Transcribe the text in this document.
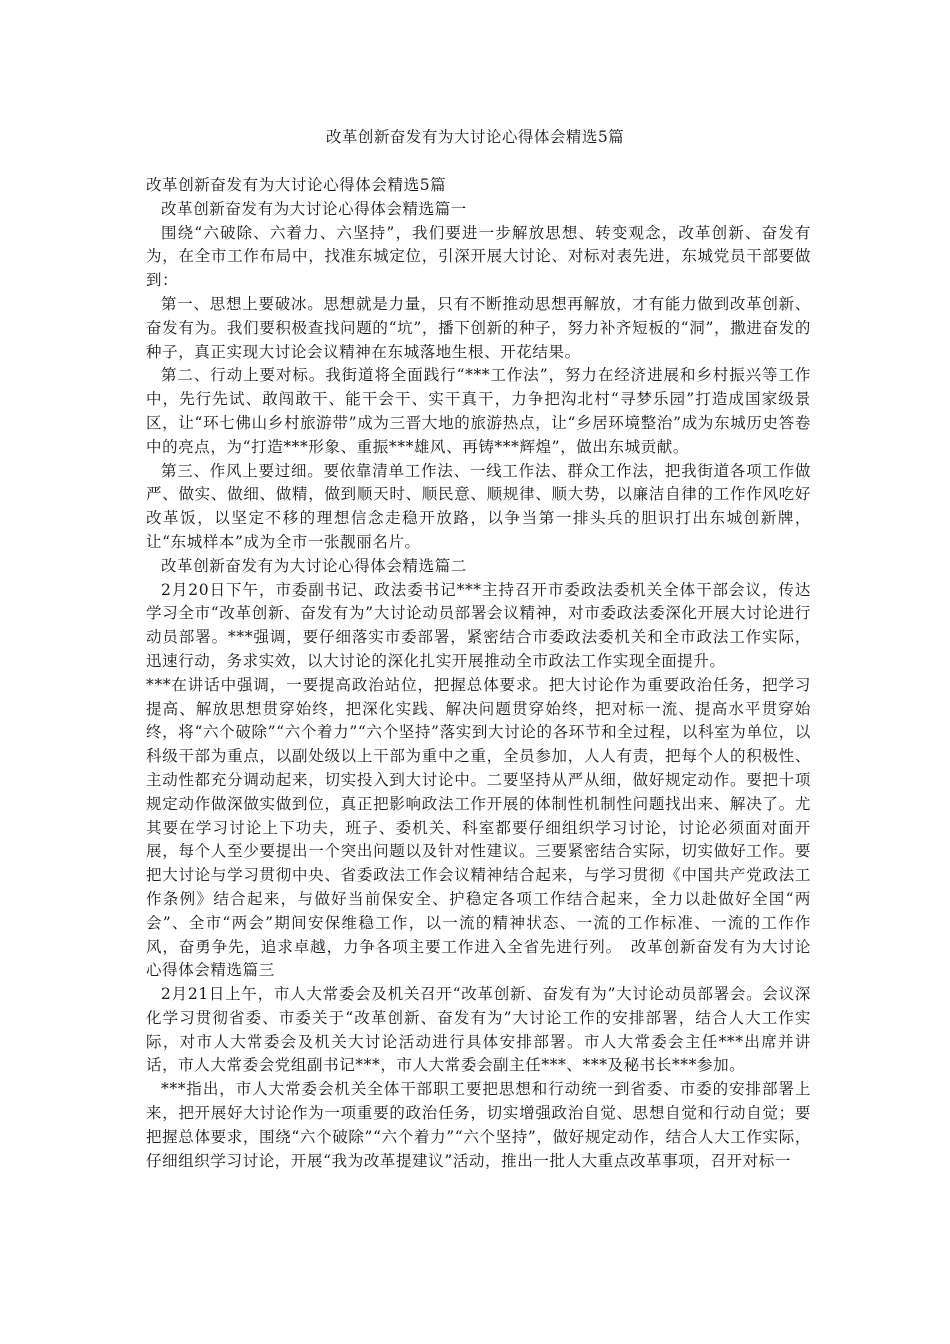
改革创新奋发有为大讨论心得体会精选5篇

改革创新奋发有为大讨论心得体会精选5篇

改革创新奋发有为大讨论心得体会精选篇一

围绕“六破除、六着力、六坚持”，我们要进一步解放思想、转变观念，改革创新、奋发有为，在全市工作布局中，找准东城定位，引深开展大讨论、对标对表先进，东城党员干部要做到：

第一、思想上要破冰。思想就是力量，只有不断推动思想再解放，才有能力做到改革创新、奋发有为。我们要积极查找问题的“坑”，播下创新的种子，努力补齐短板的“洞”，撒进奋发的种子，真正实现大讨论会议精神在东城落地生根、开花结果。

第二、行动上要对标。我街道将全面践行“***工作法”，努力在经济进展和乡村振兴等工作中，先行先试、敢闯敢干、能干会干、实干真干，力争把沟北村“寻梦乐园”打造成国家级景区，让“环七佛山乡村旅游带”成为三晋大地的旅游热点，让“乡居环境整治”成为东城历史答卷中的亮点，为“打造***形象、重振***雄风、再铸***辉煌”，做出东城贡献。

第三、作风上要过细。要依靠清单工作法、一线工作法、群众工作法，把我街道各项工作做严、做实、做细、做精，做到顺天时、顺民意、顺规律、顺大势，以廉洁自律的工作作风吃好改革饭，以坚定不移的理想信念走稳开放路，以争当第一排头兵的胆识打出东城创新牌，让“东城样本”成为全市一张靓丽名片。

改革创新奋发有为大讨论心得体会精选篇二

2月20日下午，市委副书记、政法委书记***主持召开市委政法委机关全体干部会议，传达学习全市“改革创新、奋发有为”大讨论动员部署会议精神，对市委政法委深化开展大讨论进行动员部署。***强调，要仔细落实市委部署，紧密结合市委政法委机关和全市政法工作实际，迅速行动，务求实效，以大讨论的深化扎实开展推动全市政法工作实现全面提升。

***在讲话中强调，一要提高政治站位，把握总体要求。把大讨论作为重要政治任务，把学习提高、解放思想贯穿始终，把深化实践、解决问题贯穿始终，把对标一流、提高水平贯穿始终，将“六个破除”“六个着力”“六个坚持”落实到大讨论的各环节和全过程，以科室为单位，以科级干部为重点，以副处级以上干部为重中之重，全员参加，人人有责，把每个人的积极性、主动性都充分调动起来，切实投入到大讨论中。二要坚持从严从细，做好规定动作。要把十项规定动作做深做实做到位，真正把影响政法工作开展的体制性机制性问题找出来、解决了。尤其要在学习讨论上下功夫，班子、委机关、科室都要仔细组织学习讨论，讨论必须面对面开展，每个人至少要提出一个突出问题以及针对性建议。三要紧密结合实际，切实做好工作。要把大讨论与学习贯彻中央、省委政法工作会议精神结合起来，与学习贯彻《中国共产党政法工作条例》结合起来，与做好当前保安全、护稳定各项工作结合起来，全力以赴做好全国“两会”、全市“两会”期间安保维稳工作，以一流的精神状态、一流的工作标准、一流的工作作风，奋勇争先，追求卓越，力争各项主要工作进入全省先进行列。　改革创新奋发有为大讨论心得体会精选篇三

2月21日上午，市人大常委会及机关召开“改革创新、奋发有为”大讨论动员部署会。会议深化学习贯彻省委、市委关于“改革创新、奋发有为”大讨论工作的安排部署，结合人大工作实际，对市人大常委会及机关大讨论活动进行具体安排部署。市人大常委会主任***出席并讲话，市人大常委会党组副书记***，市人大常委会副主任***、***及秘书长***参加。

***指出，市人大常委会机关全体干部职工要把思想和行动统一到省委、市委的安排部署上来，把开展好大讨论作为一项重要的政治任务，切实增强政治自觉、思想自觉和行动自觉；要把握总体要求，围绕“六个破除”“六个着力”“六个坚持”，做好规定动作，结合人大工作实际，仔细组织学习讨论，开展“我为改革提建议”活动，推出一批人大重点改革事项，召开对标一
